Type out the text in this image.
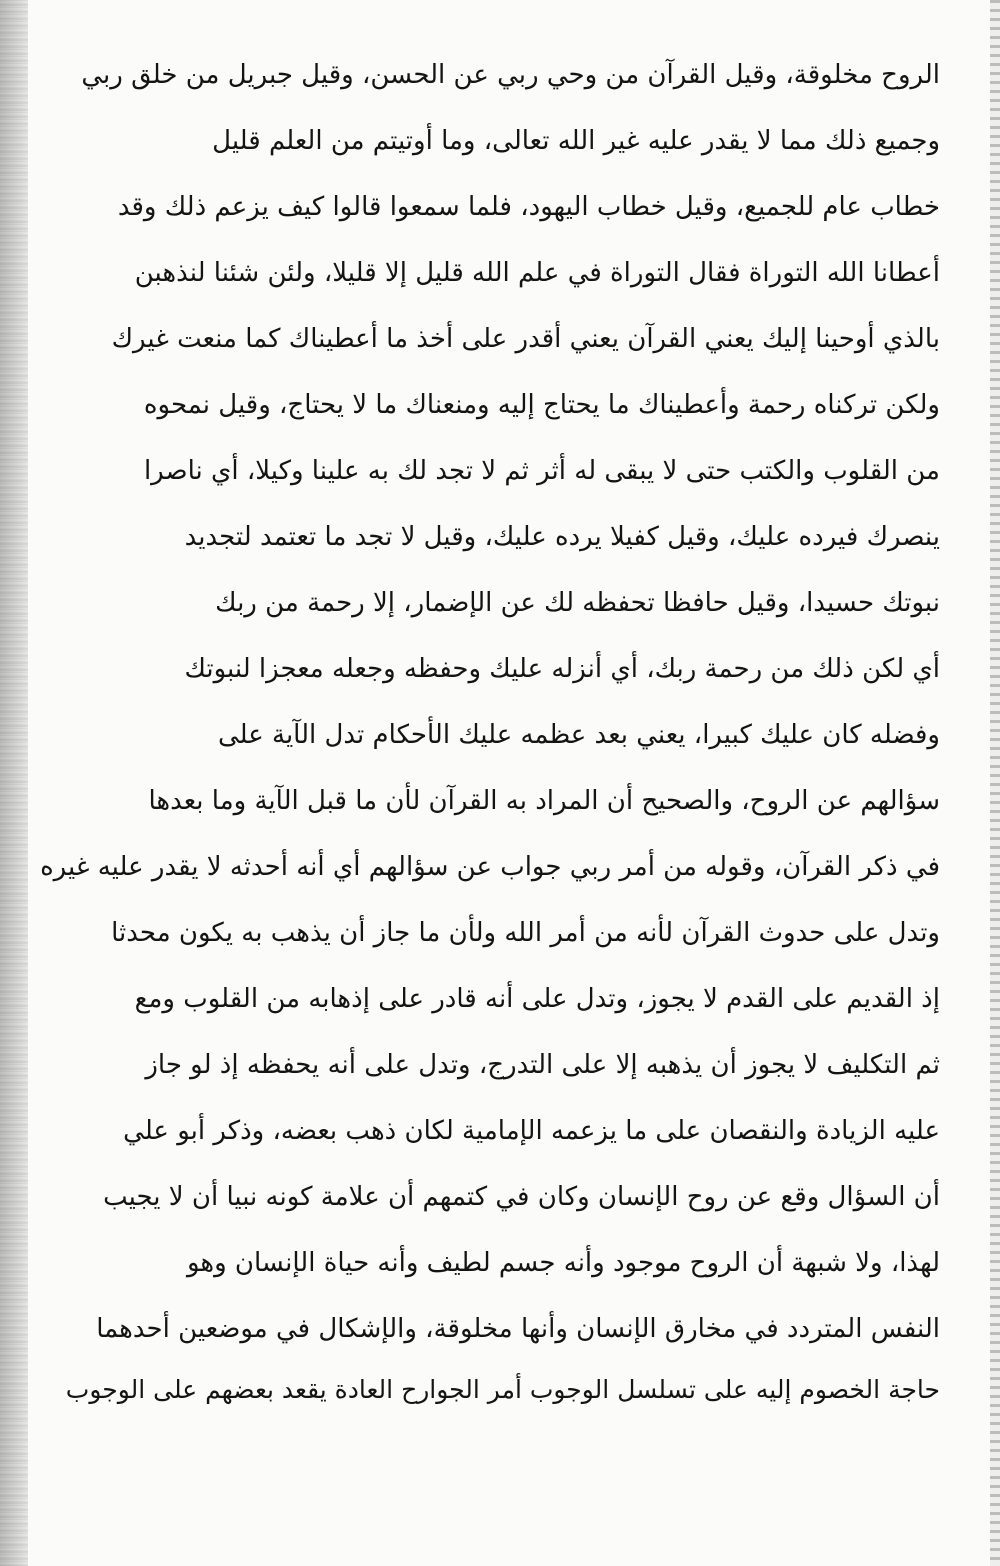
الروح مخلوقة، وقيل القرآن من وحي ربي عن الحسن، وقيل جبريل من خلق ربي
وجميع ذلك مما لا يقدر عليه غير الله تعالى، وما أوتيتم من العلم قليل
خطاب عام للجميع، وقيل خطاب اليهود، فلما سمعوا قالوا كيف يزعم ذلك وقد
أعطانا الله التوراة فقال التوراة في علم الله قليل إلا قليلا، ولئن شئنا لنذهبن
بالذي أوحينا إليك يعني القرآن يعني أقدر على أخذ ما أعطيناك كما منعت غيرك
ولكن تركناه رحمة وأعطيناك ما يحتاج إليه ومنعناك ما لا يحتاج، وقيل نمحوه
من القلوب والكتب حتى لا يبقى له أثر ثم لا تجد لك به علينا وكيلا، أي ناصرا
ينصرك فيرده عليك، وقيل كفيلا يرده عليك، وقيل لا تجد ما تعتمد لتجديد
نبوتك حسيدا، وقيل حافظا تحفظه لك عن الإضمار، إلا رحمة من ربك
أي لكن ذلك من رحمة ربك، أي أنزله عليك وحفظه وجعله معجزا لنبوتك
وفضله كان عليك كبيرا، يعني بعد عظمه عليك الأحكام تدل الآية على
سؤالهم عن الروح، والصحيح أن المراد به القرآن لأن ما قبل الآية وما بعدها
في ذكر القرآن، وقوله من أمر ربي جواب عن سؤالهم أي أنه أحدثه لا يقدر عليه غيره
وتدل على حدوث القرآن لأنه من أمر الله ولأن ما جاز أن يذهب به يكون محدثا
إذ القديم على القدم لا يجوز، وتدل على أنه قادر على إذهابه من القلوب ومع
ثم التكليف لا يجوز أن يذهبه إلا على التدرج، وتدل على أنه يحفظه إذ لو جاز
عليه الزيادة والنقصان على ما يزعمه الإمامية لكان ذهب بعضه، وذكر أبو علي
أن السؤال وقع عن روح الإنسان وكان في كتمهم أن علامة كونه نبيا أن لا يجيب
لهذا، ولا شبهة أن الروح موجود وأنه جسم لطيف وأنه حياة الإنسان وهو
النفس المتردد في مخارق الإنسان وأنها مخلوقة، والإشكال في موضعين أحدهما
حاجة الخصوم إليه على تسلسل الوجوب أمر الجوارح العادة يقعد بعضهم على الوجوب
